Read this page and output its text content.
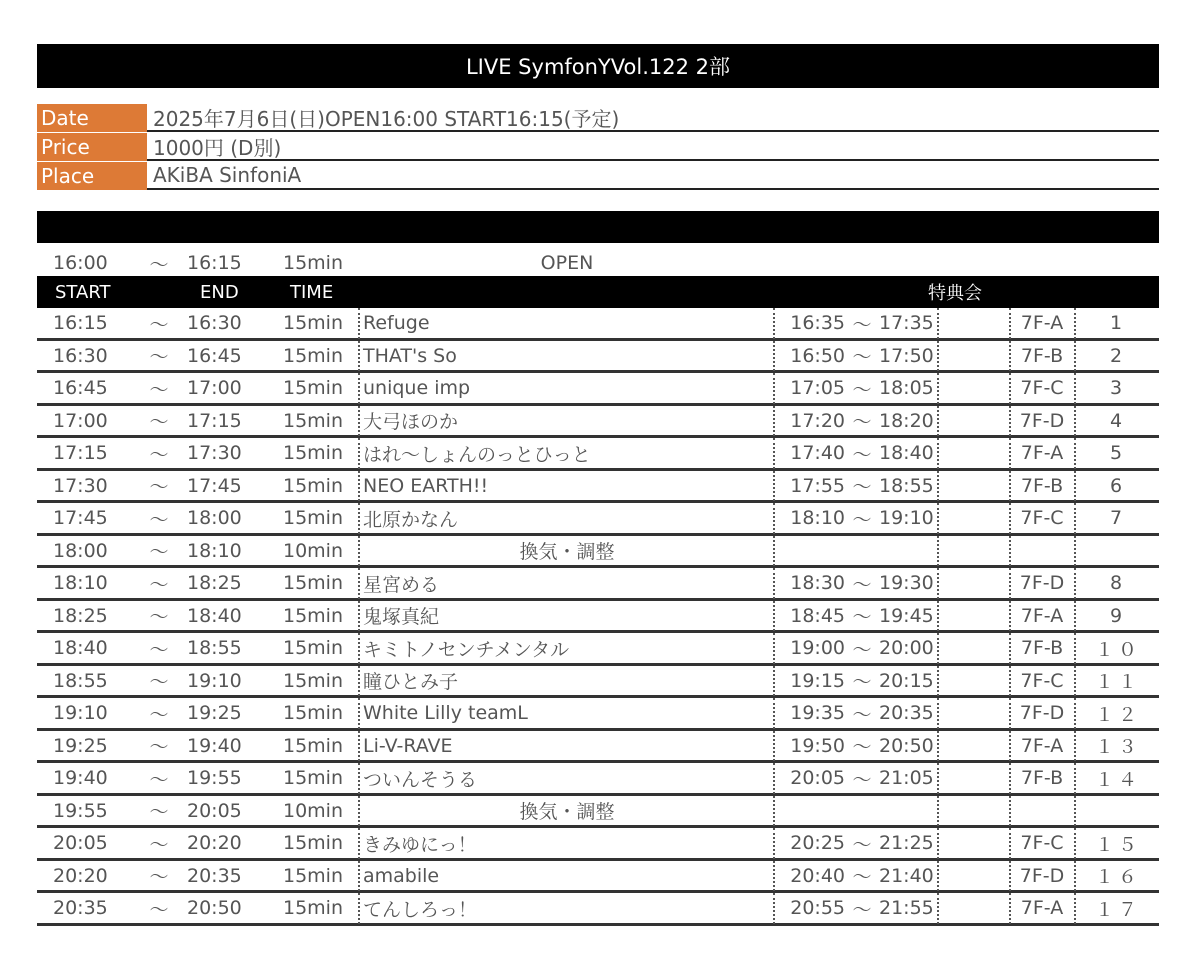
LIVE SymfonYVol.122 2部
Date	2025年7月6日(日)OPEN16:00 START16:15(予定)
Price	1000円 (D別)
Place	AKiBA SinfoniA
16:00	～ 16:15	15min	OPEN
START	END	TIME	特典会
16:15	～ 16:30	15min	Refuge	16:35 ～ 17:35	7F-A	1
16:30	～ 16:45	15min	THAT's So	16:50 ～ 17:50	7F-B	2
16:45	～ 17:00	15min	unique imp	17:05 ～ 18:05	7F-C	3
17:00	～ 17:15	15min	大弓ほのか	17:20 ～ 18:20	7F-D	4
17:15	～ 17:30	15min	はれ～しょんのっとひっと	17:40 ～ 18:40	7F-A	5
17:30	～ 17:45	15min	NEO EARTH!!	17:55 ～ 18:55	7F-B	6
17:45	～ 18:00	15min	北原かなん	18:10 ～ 19:10	7F-C	7
18:00	～ 18:10	10min	換気・調整
18:10	～ 18:25	15min	星宮める	18:30 ～ 19:30	7F-D	8
18:25	～ 18:40	15min	鬼塚真紀	18:45 ～ 19:45	7F-A	9
18:40	～ 18:55	15min	キミトノセンチメンタル	19:00 ～ 20:00	7F-B	１０
18:55	～ 19:10	15min	瞳ひとみ子	19:15 ～ 20:15	7F-C	１１
19:10	～ 19:25	15min	White Lilly teamL	19:35 ～ 20:35	7F-D	１２
19:25	～ 19:40	15min	Li-V-RAVE	19:50 ～ 20:50	7F-A	１３
19:40	～ 19:55	15min	ついんそうる	20:05 ～ 21:05	7F-B	１４
19:55	～ 20:05	10min	換気・調整
20:05	～ 20:20	15min	きみゆにっ！	20:25 ～ 21:25	7F-C	１５
20:20	～ 20:35	15min	amabile	20:40 ～ 21:40	7F-D	１６
20:35	～ 20:50	15min	てんしろっ！	20:55 ～ 21:55	7F-A	１７
